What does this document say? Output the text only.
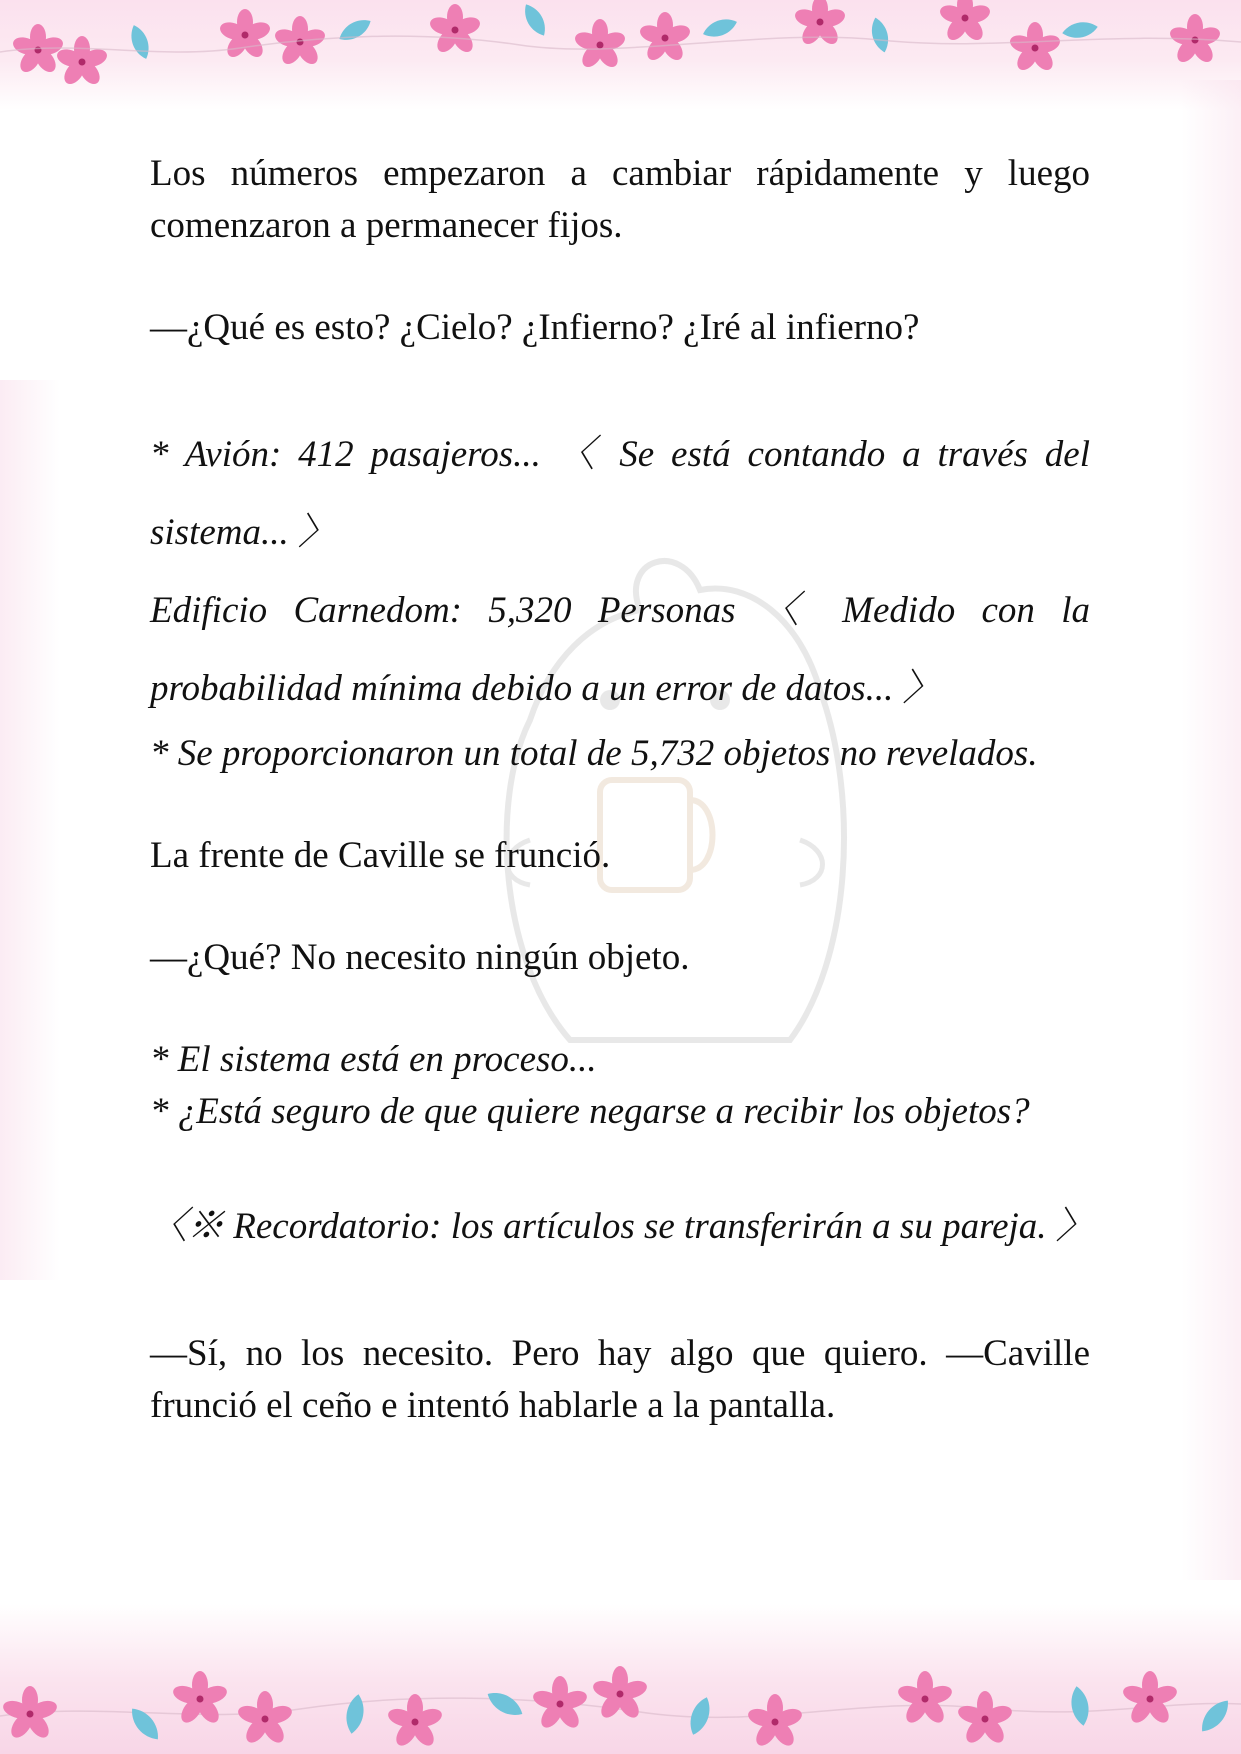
Los números empezaron a cambiar rápidamente y luego comenzaron a permanecer fijos.

—¿Qué es esto? ¿Cielo? ¿Infierno? ¿Iré al infierno?

* Avión: 412 pasajeros... 〈 Se está contando a través del sistema... 〉

Edificio Carnedom: 5,320 Personas 〈 Medido con la probabilidad mínima debido a un error de datos... 〉

* Se proporcionaron un total de 5,732 objetos no revelados.

La frente de Caville se frunció.

—¿Qué? No necesito ningún objeto.

* El sistema está en proceso...

* ¿Está seguro de que quiere negarse a recibir los objetos?

〈※ Recordatorio: los artículos se transferirán a su pareja. 〉

—Sí, no los necesito. Pero hay algo que quiero. —Caville frunció el ceño e intentó hablarle a la pantalla.
